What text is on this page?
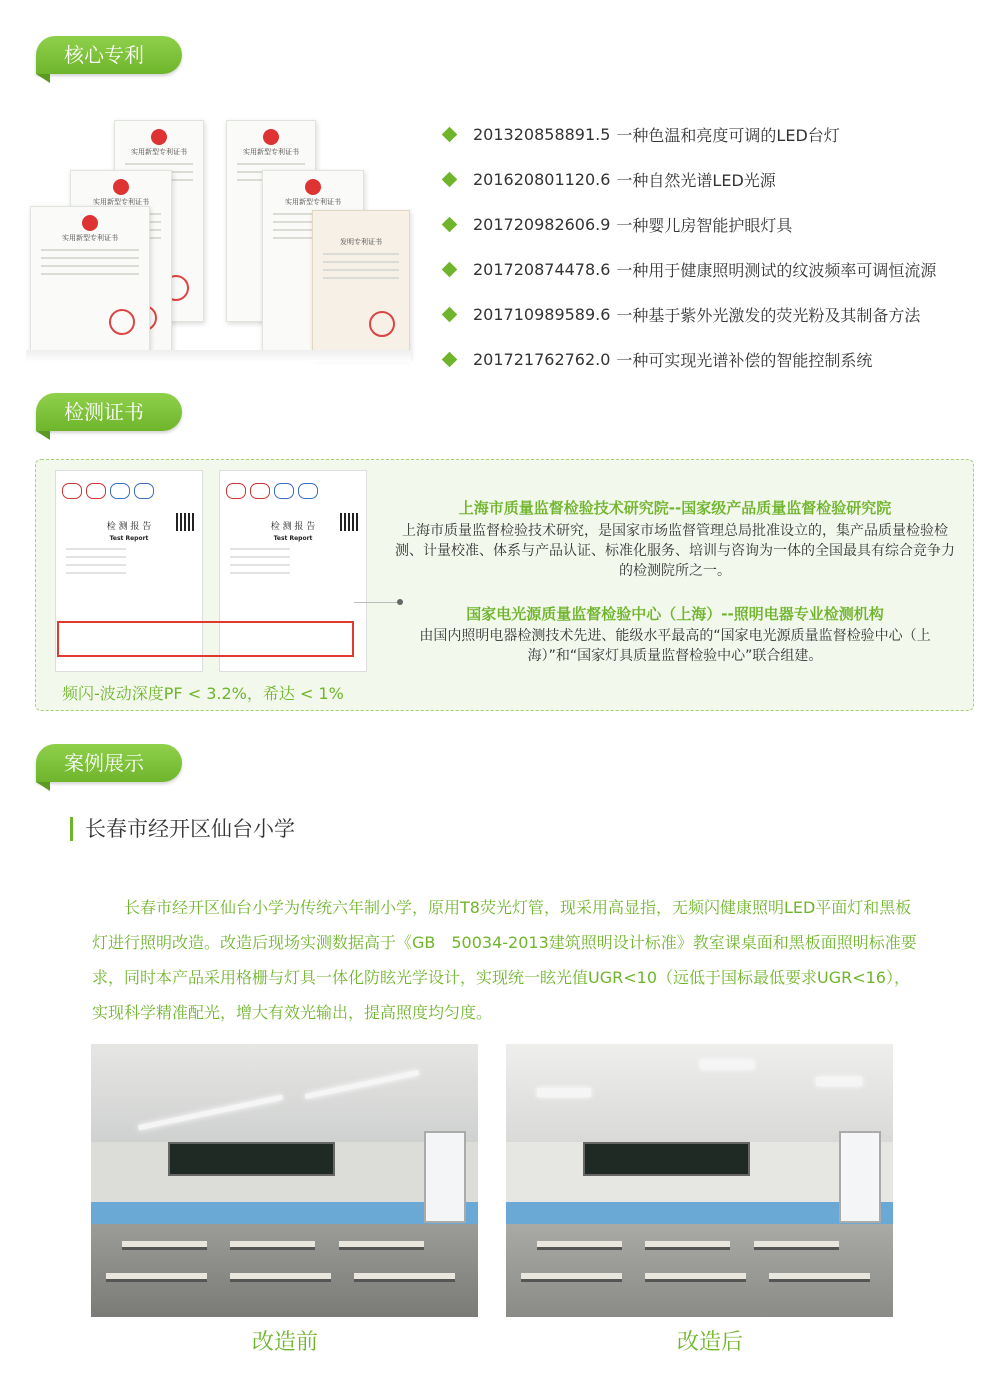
核心专利
实用新型专利证书	实用新型专利证书
实用新型专利证书	实用新型专利证书
实用新型专利证书	发明专利证书
201320858891.5 一种色温和亮度可调的LED台灯
201620801120.6 一种自然光谱LED光源
201720982606.9 一种婴儿房智能护眼灯具
201720874478.6 一种用于健康照明测试的纹波频率可调恒流源
201710989589.6 一种基于紫外光激发的荧光粉及其制备方法
201721762762.0 一种可实现光谱补偿的智能控制系统
检测证书
检 测 报 告
Test Report
检 测 报 告
Test Report
频闪-波动深度PF < 3.2%，希达 < 1%
上海市质量监督检验技术研究院--国家级产品质量监督检验研究院
上海市质量监督检验技术研究，是国家市场监督管理总局批准设立的，集产品质量检验检测、计量校准、体系与产品认证、标准化服务、培训与咨询为一体的全国最具有综合竞争力的检测院所之一。
国家电光源质量监督检验中心（上海）--照明电器专业检测机构
由国内照明电器检测技术先进、能级水平最高的“国家电光源质量监督检验中心（上海）”和“国家灯具质量监督检验中心”联合组建。
案例展示
长春市经开区仙台小学

长春市经开区仙台小学为传统六年制小学，原用T8荧光灯管，现采用高显指，无频闪健康照明LED平面灯和黑板灯进行照明改造。改造后现场实测数据高于《GB　50034-2013建筑照明设计标准》教室课桌面和黑板面照明标准要求，同时本产品采用格栅与灯具一体化防眩光学设计，实现统一眩光值UGR<10（远低于国标最低要求UGR<16），实现科学精准配光，增大有效光输出，提高照度均匀度。

改造前	改造后
